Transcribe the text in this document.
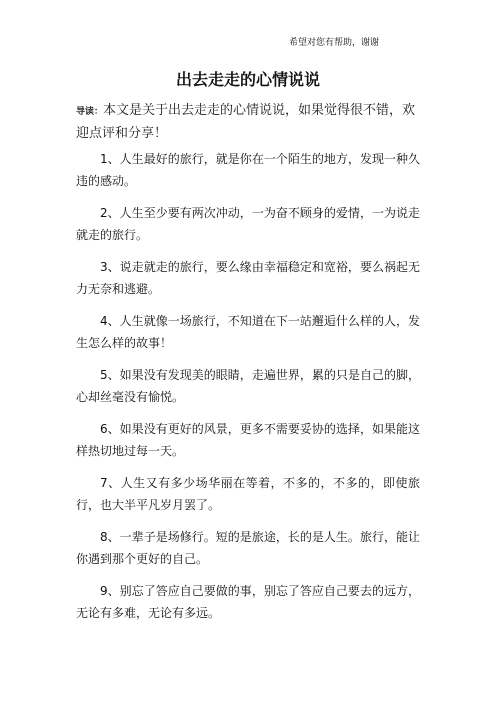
希望对您有帮助，谢谢
出去走走的心情说说
导读：本文是关于出去走走的心情说说，如果觉得很不错，欢迎点评和分享！

1、人生最好的旅行，就是你在一个陌生的地方，发现一种久违的感动。

2、人生至少要有两次冲动，一为奋不顾身的爱情，一为说走就走的旅行。

3、说走就走的旅行，要么缘由幸福稳定和宽裕，要么祸起无力无奈和逃避。

4、人生就像一场旅行，不知道在下一站邂逅什么样的人，发生怎么样的故事！

5、如果没有发现美的眼睛，走遍世界，累的只是自己的脚，心却丝毫没有愉悦。

6、如果没有更好的风景，更多不需要妥协的选择，如果能这样热切地过每一天。

7、人生又有多少场华丽在等着，不多的，不多的，即使旅行，也大半平凡岁月罢了。

8、一辈子是场修行。短的是旅途，长的是人生。旅行，能让你遇到那个更好的自己。

9、别忘了答应自己要做的事，别忘了答应自己要去的远方，无论有多难，无论有多远。
